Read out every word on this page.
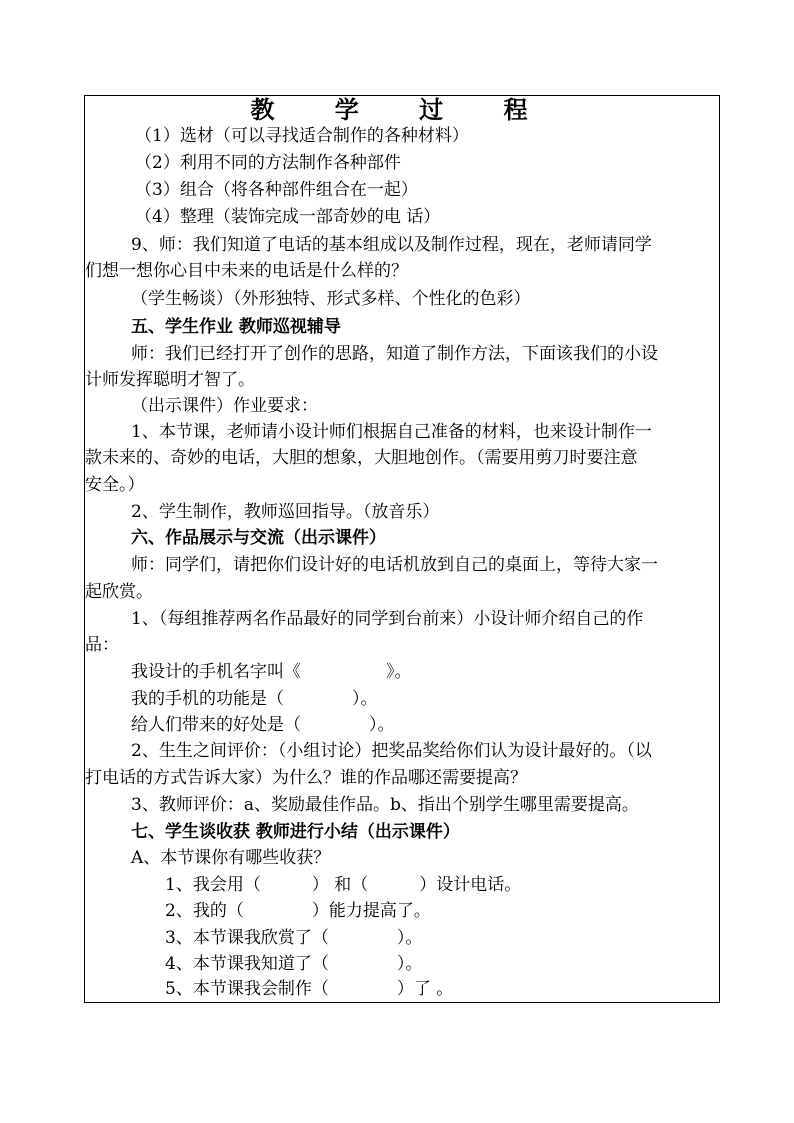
教 学 过 程
（1）选材（可以寻找适合制作的各种材料）
（2）利用不同的方法制作各种部件
（3）组合（将各种部件组合在一起）
（4）整理（装饰完成一部奇妙的电 话）
9、师：我们知道了电话的基本组成以及制作过程，现在，老师请同学
们想一想你心目中未来的电话是什么样的？
（学生畅谈）（外形独特、形式多样、个性化的色彩）
五、学生作业 教师巡视辅导
师：我们已经打开了创作的思路，知道了制作方法，下面该我们的小设
计师发挥聪明才智了。
（出示课件）作业要求：
1、本节课，老师请小设计师们根据自己准备的材料，也来设计制作一
款未来的、奇妙的电话，大胆的想象，大胆地创作。（需要用剪刀时要注意
安全。）
2、学生制作，教师巡回指导。（放音乐）
六、作品展示与交流（出示课件）
师：同学们，请把你们设计好的电话机放到自己的桌面上，等待大家一
起欣赏。
1、（每组推荐两名作品最好的同学到台前来）小设计师介绍自己的作
品：
我设计的手机名字叫《　　　　　》。
我的手机的功能是（　　　　）。
给人们带来的好处是（　　　　）。
2、生生之间评价：（小组讨论）把奖品奖给你们认为设计最好的。（以
打电话的方式告诉大家）为什么？谁的作品哪还需要提高？
3、教师评价：a、奖励最佳作品。b、指出个别学生哪里需要提高。
七、学生谈收获 教师进行小结（出示课件）
A、本节课你有哪些收获？
1、我会用（　　　） 和（　　　）设计电话。
2、我的（　　　　）能力提高了。
3、本节课我欣赏了（　　　　）。
4、本节课我知道了（　　　　）。
5、本节课我会制作（　　　　）了 。
